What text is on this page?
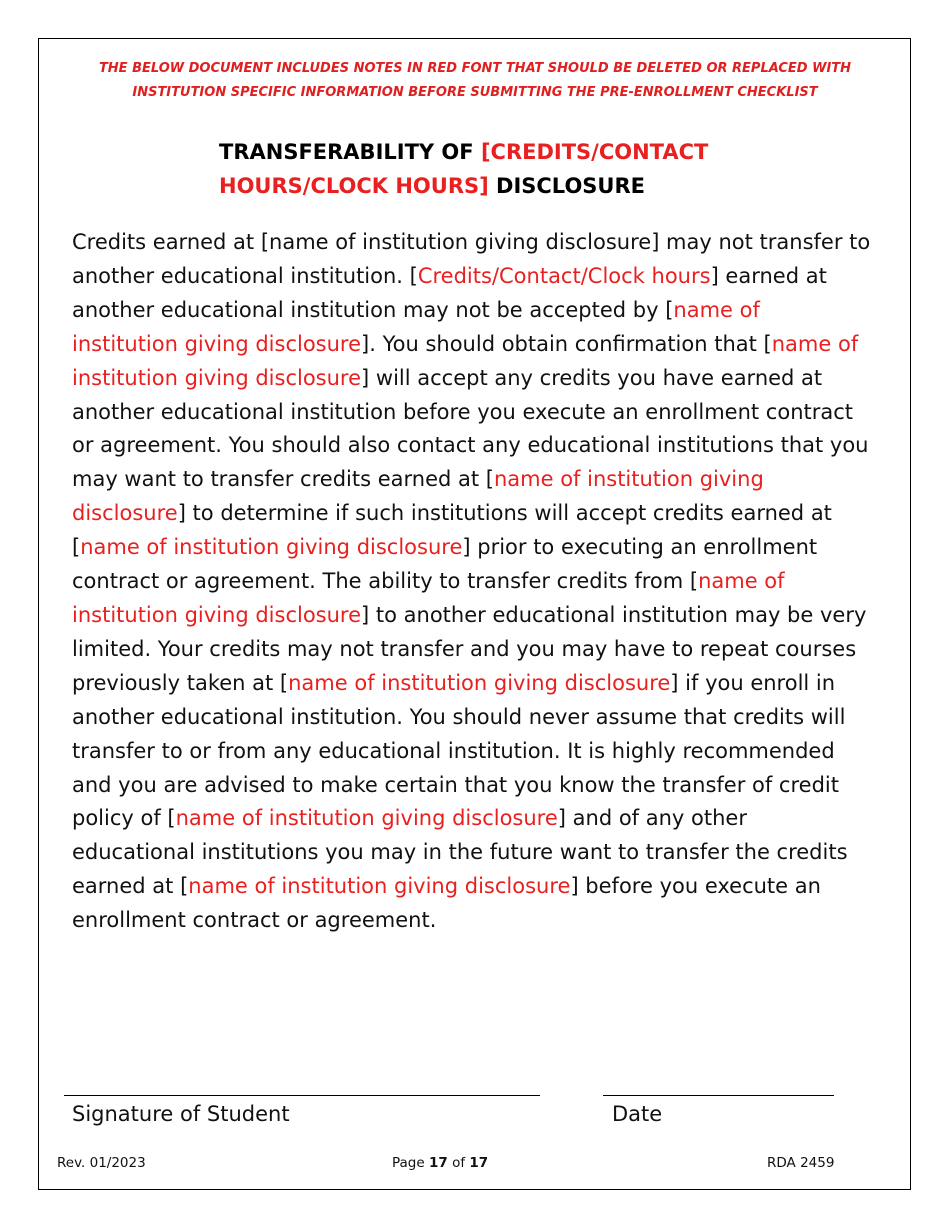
THE BELOW DOCUMENT INCLUDES NOTES IN RED FONT THAT SHOULD BE DELETED OR REPLACED WITH
INSTITUTION SPECIFIC INFORMATION BEFORE SUBMITTING THE PRE-ENROLLMENT CHECKLIST
TRANSFERABILITY OF [CREDITS/CONTACT HOURS/CLOCK HOURS] DISCLOSURE
Credits earned at [name of institution giving disclosure] may not transfer to another educational institution. [Credits/Contact/Clock hours] earned at another educational institution may not be accepted by [name of institution giving disclosure]. You should obtain confirmation that [name of institution giving disclosure] will accept any credits you have earned at another educational institution before you execute an enrollment contract or agreement. You should also contact any educational institutions that you may want to transfer credits earned at [name of institution giving disclosure] to determine if such institutions will accept credits earned at [name of institution giving disclosure] prior to executing an enrollment contract or agreement. The ability to transfer credits from [name of institution giving disclosure] to another educational institution may be very limited. Your credits may not transfer and you may have to repeat courses previously taken at [name of institution giving disclosure] if you enroll in another educational institution. You should never assume that credits will transfer to or from any educational institution. It is highly recommended and you are advised to make certain that you know the transfer of credit policy of [name of institution giving disclosure] and of any other educational institutions you may in the future want to transfer the credits earned at [name of institution giving disclosure] before you execute an enrollment contract or agreement.
Signature of Student	Date
Rev. 01/2023	Page 17 of 17	RDA 2459
